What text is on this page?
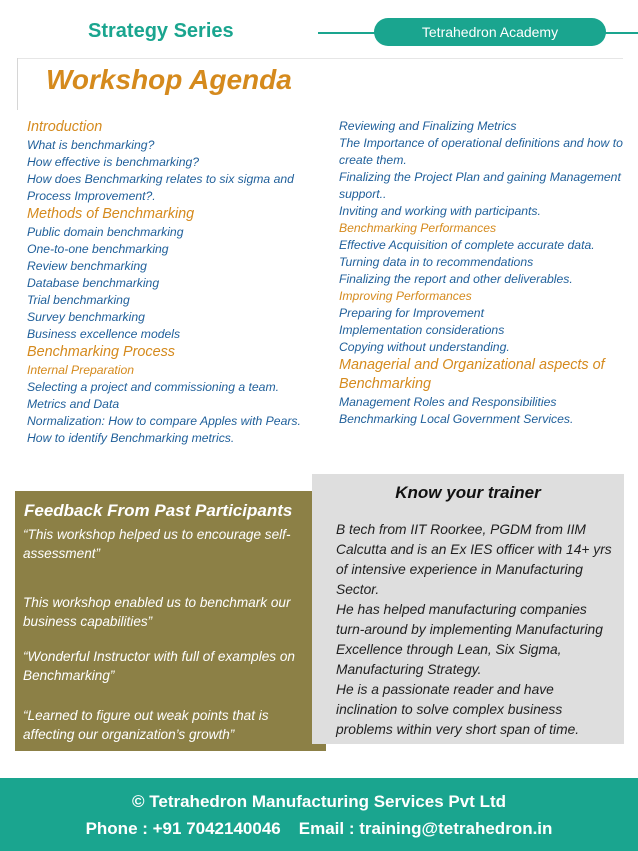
Strategy Series	Tetrahedron Academy
Workshop Agenda
Introduction
What is benchmarking?
How effective is benchmarking?
How does Benchmarking relates to six sigma and Process Improvement?.
Methods of Benchmarking
Public domain benchmarking
One-to-one benchmarking
Review benchmarking
Database benchmarking
Trial benchmarking
Survey benchmarking
Business excellence models
Benchmarking Process
Internal Preparation
Selecting a project and commissioning a team.
Metrics and Data
Normalization: How to compare Apples with Pears.
How to identify Benchmarking metrics.
Reviewing and Finalizing Metrics
The Importance of operational definitions and how to create them.
Finalizing the Project Plan and gaining Management support..
Inviting and working with participants.
Benchmarking Performances
Effective Acquisition of complete accurate data.
Turning data in to recommendations
Finalizing the report and other deliverables.
Improving Performances
Preparing for Improvement
Implementation considerations
Copying without understanding.
Managerial and Organizational aspects of Benchmarking
Management Roles and Responsibilities
Benchmarking Local Government Services.
Feedback From Past Participants
“This workshop helped us to encourage self-assessment”
This workshop enabled us to benchmark our business capabilities”
“Wonderful Instructor with full of examples on Benchmarking”
“Learned to figure out weak points that is affecting our organization’s growth”
Know your trainer
B tech from IIT Roorkee, PGDM from IIM Calcutta and is an Ex IES officer with 14+ yrs of intensive experience in Manufacturing Sector.
He has helped manufacturing companies turn-around by implementing Manufacturing Excellence through Lean, Six Sigma, Manufacturing Strategy.
He is a passionate reader and have inclination to solve complex business problems within very short span of time.
© Tetrahedron Manufacturing Services Pvt Ltd
Phone : +91 7042140046 Email : training@tetrahedron.in
